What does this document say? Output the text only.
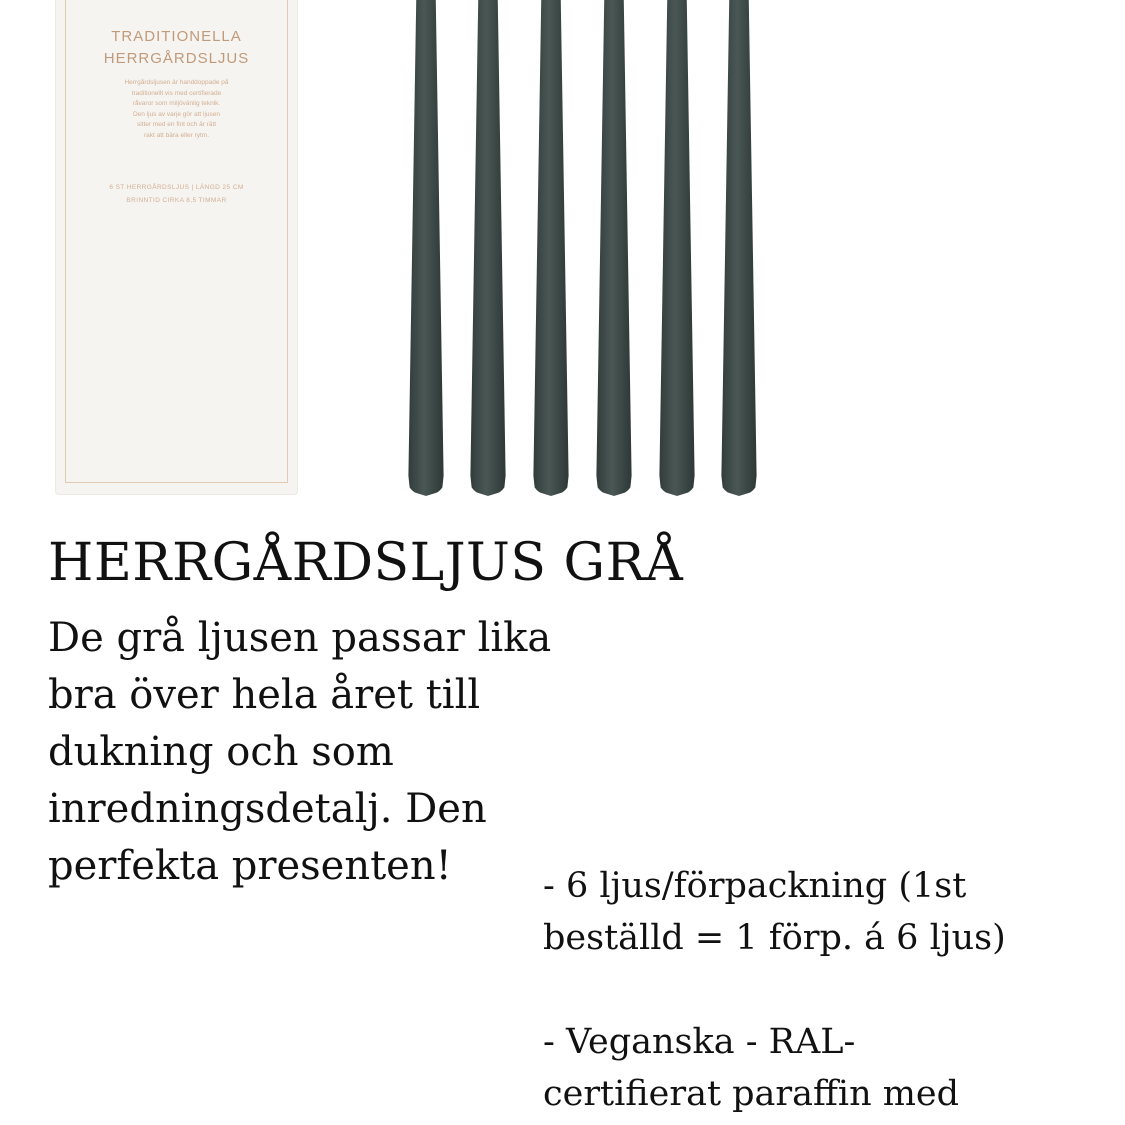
TRADITIONELLA
HERRGÅRDSLJUS
Herrgårdsljusen är handdoppade på
traditionellt vis med certifierade
råvaror som miljövänlig teknik.
Den ljus av varje gör att ljusen
sitter med en fint och är rätt
rakt att bära eller rytm.
6 ST HERRGÅRDSLJUS | LÄNGD 25 CM
BRINNTID CIRKA 8,5 TIMMAR
HERRGÅRDSLJUS GRÅ

De grå ljusen passar lika
bra över hela året till
dukning och som
inredningsdetalj. Den
perfekta presenten!	- 6 ljus/förpackning (1st
beställd = 1 förp. á 6 ljus)

- Veganska - RAL-
certifierat paraffin med
